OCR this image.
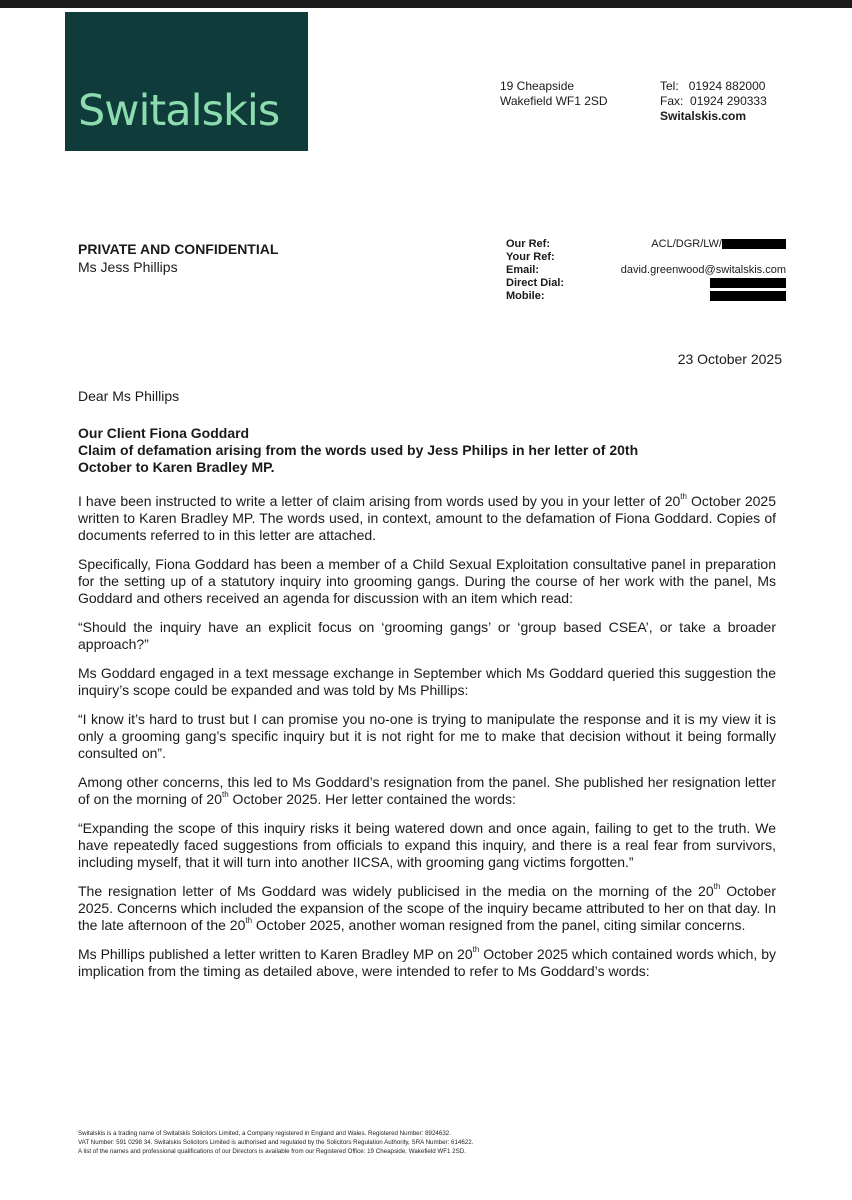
Switalskis	19 Cheapside
Wakefield WF1 2SD
Tel: 01924 882000
Fax: 01924 290333
Switalskis.com
PRIVATE AND CONFIDENTIAL
Ms Jess Phillips
Our Ref:	ACL/DGR/LW/
Your Ref:
Email:	david.greenwood@switalskis.com
Direct Dial:
Mobile:
23 October 2025
Dear Ms Phillips
Our Client Fiona Goddard
Claim of defamation arising from the words used by Jess Philips in her letter of 20th
October to Karen Bradley MP.

I have been instructed to write a letter of claim arising from words used by you in your letter of 20th October 2025 written to Karen Bradley MP. The words used, in context, amount to the defamation of Fiona Goddard. Copies of documents referred to in this letter are attached.

Specifically, Fiona Goddard has been a member of a Child Sexual Exploitation consultative panel in preparation for the setting up of a statutory inquiry into grooming gangs. During the course of her work with the panel, Ms Goddard and others received an agenda for discussion with an item which read:

“Should the inquiry have an explicit focus on ‘grooming gangs’ or ‘group based CSEA’, or take a broader approach?”

Ms Goddard engaged in a text message exchange in September which Ms Goddard queried this suggestion the inquiry’s scope could be expanded and was told by Ms Phillips:

“I know it’s hard to trust but I can promise you no-one is trying to manipulate the response and it is my view it is only a grooming gang’s specific inquiry but it is not right for me to make that decision without it being formally consulted on”.

Among other concerns, this led to Ms Goddard’s resignation from the panel. She published her resignation letter of on the morning of 20th October 2025. Her letter contained the words:

“Expanding the scope of this inquiry risks it being watered down and once again, failing to get to the truth. We have repeatedly faced suggestions from officials to expand this inquiry, and there is a real fear from survivors, including myself, that it will turn into another IICSA, with grooming gang victims forgotten.”

The resignation letter of Ms Goddard was widely publicised in the media on the morning of the 20th October 2025. Concerns which included the expansion of the scope of the inquiry became attributed to her on that day. In the late afternoon of the 20th October 2025, another woman resigned from the panel, citing similar concerns.

Ms Phillips published a letter written to Karen Bradley MP on 20th October 2025 which contained words which, by implication from the timing as detailed above, were intended to refer to Ms Goddard’s words:

Switalskis is a trading name of Switalskis Solicitors Limited, a Company registered in England and Wales. Registered Number: 8924632.
VAT Number: 591 0298 34. Switalskis Solicitors Limited is authorised and regulated by the Solicitors Regulation Authority, SRA Number: 614622.
A list of the names and professional qualifications of our Directors is available from our Registered Office: 19 Cheapside, Wakefield WF1 2SD.
